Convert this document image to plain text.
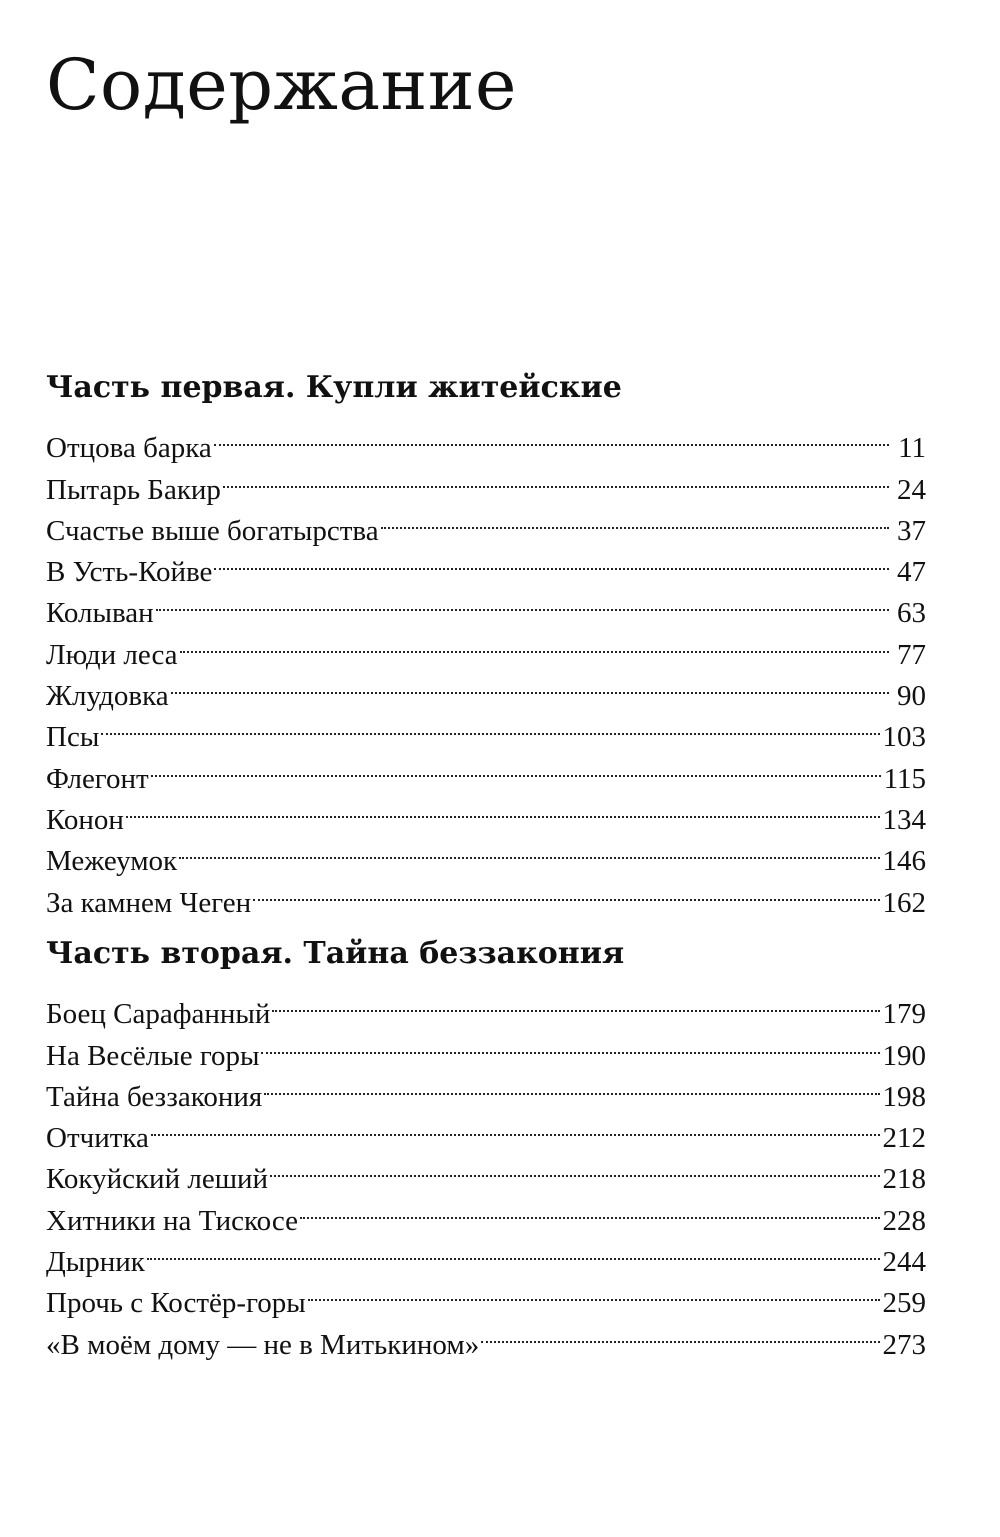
Содержание
Часть первая. Купли житейские
Отцова барка	11
Пытарь Бакир	24
Счастье выше богатырства	37
В Усть-Койве	47
Колыван	63
Люди леса	77
Жлудовка	90
Псы	103
Флегонт	115
Конон	134
Межеумок	146
За камнем Чеген	162
Часть вторая. Тайна беззакония
Боец Сарафанный	179
На Весёлые горы	190
Тайна беззакония	198
Отчитка	212
Кокуйский леший	218
Хитники на Тискосе	228
Дырник	244
Прочь с Костёр-горы	259
«В моём дому — не в Митькином»	273
